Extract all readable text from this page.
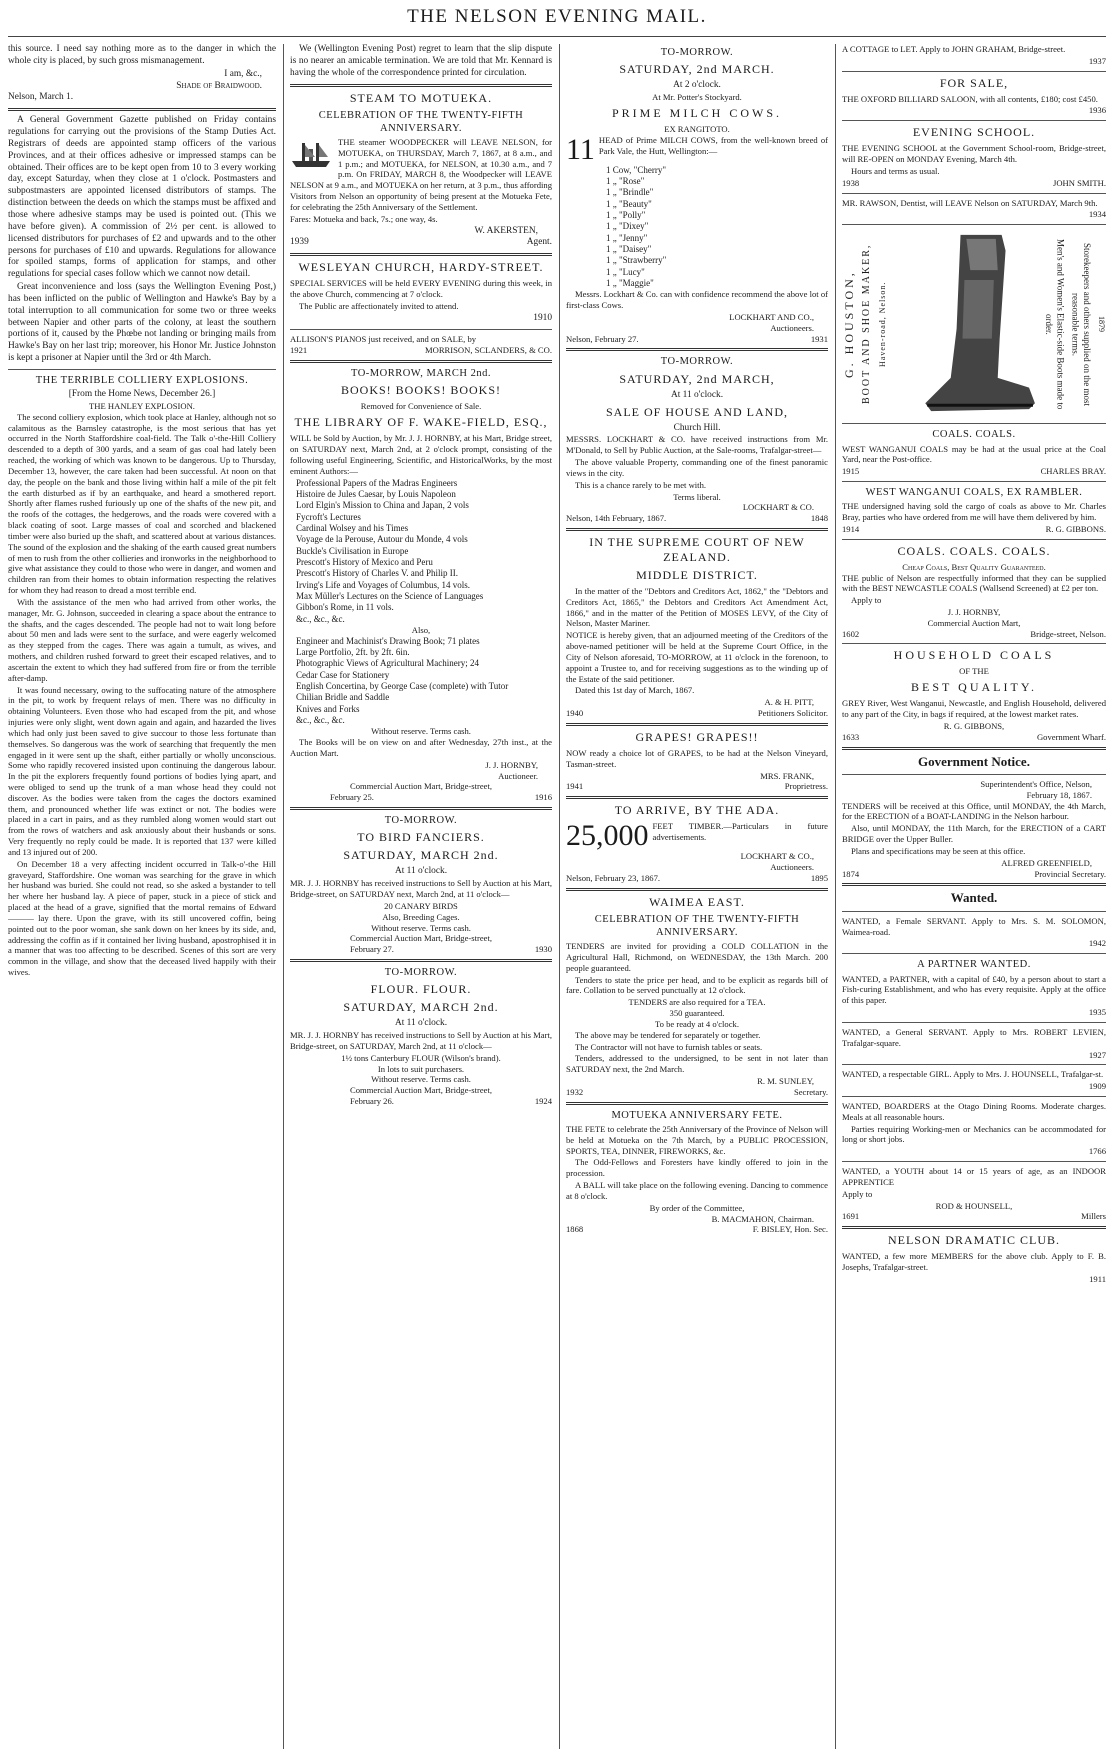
THE NELSON EVENING MAIL.

this source. I need say nothing more as to the danger in which the whole city is placed, by such gross mismanagement.

I am, &c.,
Shade of Braidwood.

Nelson, March 1.

A General Government Gazette published on Friday contains regulations for carrying out the provisions of the Stamp Duties Act. Registrars of deeds are appointed stamp officers of the various Provinces, and at their offices adhesive or impressed stamps can be obtained. Their offices are to be kept open from 10 to 3 every working day, except Saturday, when they close at 1 o'clock. Postmasters and subpostmasters are appointed licensed distributors of stamps. The distinction between the deeds on which the stamps must be affixed and those where adhesive stamps may be used is pointed out. (This we have before given). A commission of 2½ per cent. is allowed to licensed distributors for purchases of £2 and upwards and to the other persons for purchases of £10 and upwards. Regulations for allowance for spoiled stamps, forms of application for stamps, and other regulations for special cases follow which we cannot now detail.

Great inconvenience and loss (says the Wellington Evening Post,) has been inflicted on the public of Wellington and Hawke's Bay by a total interruption to all communication for some two or three weeks between Napier and other parts of the colony, at least the southern portions of it, caused by the Phœbe not landing or bringing mails from Hawke's Bay on her last trip; moreover, his Honor Mr. Justice Johnston is kept a prisoner at Napier until the 3rd or 4th March.

THE TERRIBLE COLLIERY EXPLOSIONS.
[From the Home News, December 26.]
THE HANLEY EXPLOSION.

The second colliery explosion, which took place at Hanley, although not so calamitous as the Barnsley catastrophe, is the most serious that has yet occurred in the North Staffordshire coal-field. The Talk o'-the-Hill Colliery descended to a depth of 300 yards, and a seam of gas coal had lately been reached, the working of which was known to be dangerous. Up to Thursday, December 13, however, the care taken had been successful. At noon on that day, the people on the bank and those living within half a mile of the pit felt the earth disturbed as if by an earthquake, and heard a smothered report. Shortly after flames rushed furiously up one of the shafts of the new pit, and the roofs of the cottages, the hedgerows, and the roads were covered with a black coating of soot. Large masses of coal and scorched and blackened timber were also buried up the shaft, and scattered about at various distances. The sound of the explosion and the shaking of the earth caused great numbers of men to rush from the other collieries and ironworks in the neighborhood to give what assistance they could to those who were in danger, and women and children ran from their homes to obtain information respecting the relatives for whom they had reason to dread a most terrible end.

With the assistance of the men who had arrived from other works, the manager, Mr. G. Johnson, succeeded in clearing a space about the entrance to the shafts, and the cages descended. The people had not to wait long before about 50 men and lads were sent to the surface, and were eagerly welcomed as they stepped from the cages. There was again a tumult, as wives, and mothers, and children rushed forward to greet their escaped relatives, and to ascertain the extent to which they had suffered from fire or from the terrible after-damp.

It was found necessary, owing to the suffocating nature of the atmosphere in the pit, to work by frequent relays of men. There was no difficulty in obtaining Volunteers. Even those who had escaped from the pit, and whose injuries were only slight, went down again and again, and hazarded the lives which had only just been saved to give succour to those less fortunate than themselves. So dangerous was the work of searching that frequently the men engaged in it were sent up the shaft, either partially or wholly unconscious. Some who rapidly recovered insisted upon continuing the dangerous labour. In the pit the explorers frequently found portions of bodies lying apart, and were obliged to send up the trunk of a man whose head they could not discover. As the bodies were taken from the cages the doctors examined them, and pronounced whether life was extinct or not. The bodies were placed in a cart in pairs, and as they rumbled along women would start out from the rows of watchers and ask anxiously about their husbands or sons. Very frequently no reply could be made. It is reported that 137 were killed and 13 injured out of 200.

On December 18 a very affecting incident occurred in Talk-o'-the Hill graveyard, Staffordshire. One woman was searching for the grave in which her husband was buried. She could not read, so she asked a bystander to tell her where her husband lay. A piece of paper, stuck in a piece of stick and placed at the head of a grave, signified that the mortal remains of Edward ——— lay there. Upon the grave, with its still uncovered coffin, being pointed out to the poor woman, she sank down on her knees by its side, and, addressing the coffin as if it contained her living husband, apostrophised it in a manner that was too affecting to be described. Scenes of this sort are very common in the village, and show that the deceased lived happily with their wives.

We (Wellington Evening Post) regret to learn that the slip dispute is no nearer an amicable termination. We are told that Mr. Kennard is having the whole of the correspondence printed for circulation.

STEAM TO MOTUEKA.
CELEBRATION OF THE TWENTY-FIFTH ANNIVERSARY.

THE steamer WOODPECKER will LEAVE NELSON, for MOTUEKA, on THURSDAY, March 7, 1867, at 8 a.m., and 1 p.m.; and MOTUEKA, for NELSON, at 10.30 a.m., and 7 p.m. On FRIDAY, MARCH 8, the Woodpecker will LEAVE NELSON at 9 a.m., and MOTUEKA on her return, at 3 p.m., thus affording Visitors from Nelson an opportunity of being present at the Motueka Fete, for celebrating the 25th Anniversary of the Settlement.

Fares: Motueka and back, 7s.; one way, 4s.

W. AKERSTEN,
1939	Agent.
WESLEYAN CHURCH, HARDY-STREET.

SPECIAL SERVICES will be held EVERY EVENING during this week, in the above Church, commencing at 7 o'clock.

The Public are affectionately invited to attend.

1910

ALLISON'S PIANOS just received, and on SALE, by

1921	MORRISON, SCLANDERS, & CO.
TO-MORROW, MARCH 2nd.
BOOKS! BOOKS! BOOKS!
Removed for Convenience of Sale.
THE LIBRARY OF F. WAKE-FIELD, ESQ.,

WILL be Sold by Auction, by Mr. J. J. HORNBY, at his Mart, Bridge street, on SATURDAY next, March 2nd, at 2 o'clock prompt, consisting of the following useful Engineering, Scientific, and HistoricalWorks, by the most eminent Authors:—

Professional Papers of the Madras Engineers
Histoire de Jules Caesar, by Louis Napoleon
Lord Elgin's Mission to China and Japan, 2 vols
Fycroft's Lectures
Cardinal Wolsey and his Times
Voyage de la Perouse, Autour du Monde, 4 vols
Buckle's Civilisation in Europe
Prescott's History of Mexico and Peru
Prescott's History of Charles V. and Philip II.
Irving's Life and Voyages of Columbus, 14 vols.
Max Müller's Lectures on the Science of Languages
Gibbon's Rome, in 11 vols.
&c., &c., &c.
Also,
Engineer and Machinist's Drawing Book; 71 plates
Large Portfolio, 2ft. by 2ft. 6in.
Photographic Views of Agricultural Machinery; 24
Cedar Case for Stationery
English Concertina, by George Case (complete) with Tutor
Chilian Bridle and Saddle
Knives and Forks
&c., &c., &c.
Without reserve. Terms cash.

The Books will be on view on and after Wednesday, 27th inst., at the Auction Mart.

J. J. HORNBY,
Auctioneer.
Commercial Auction Mart, Bridge-street,
February 25.	1916
TO-MORROW.
TO BIRD FANCIERS.
SATURDAY, MARCH 2nd.
At 11 o'clock.

MR. J. J. HORNBY has received instructions to Sell by Auction at his Mart, Bridge-street, on SATURDAY next, March 2nd, at 11 o'clock—

20 CANARY BIRDS
Also, Breeding Cages.
Without reserve. Terms cash.
Commercial Auction Mart, Bridge-street,
February 27.	1930
TO-MORROW.
FLOUR. FLOUR.
SATURDAY, MARCH 2nd.
At 11 o'clock.

MR. J. J. HORNBY has received instructions to Sell by Auction at his Mart, Bridge-street, on SATURDAY, March 2nd, at 11 o'clock—

1½ tons Canterbury FLOUR (Wilson's brand).
In lots to suit purchasers.
Without reserve. Terms cash.
Commercial Auction Mart, Bridge-street,
February 26.	1924
TO-MORROW.
SATURDAY, 2nd MARCH.
At 2 o'clock.
At Mr. Potter's Stockyard.
PRIME MILCH COWS.
EX RANGITOTO.
11 HEAD of Prime MILCH COWS, from the well-known breed of Park Vale, the Hutt, Wellington:—

1 Cow, "Cherry"
1 „ "Rose"
1 „ "Brindle"
1 „ "Beauty"
1 „ "Polly"
1 „ "Dixey"
1 „ "Jenny"
1 „ "Daisey"
1 „ "Strawberry"
1 „ "Lucy"
1 „ "Maggie"

Messrs. Lockhart & Co. can with confidence recommend the above lot of first-class Cows.

LOCKHART AND CO.,
Auctioneers.
Nelson, February 27.	1931
TO-MORROW.
SATURDAY, 2nd MARCH,
At 11 o'clock.
SALE OF HOUSE AND LAND,
Church Hill.

MESSRS. LOCKHART & CO. have received instructions from Mr. M'Donald, to Sell by Public Auction, at the Sale-rooms, Trafalgar-street—

The above valuable Property, commanding one of the finest panoramic views in the city.

This is a chance rarely to be met with.

Terms liberal.
LOCKHART & CO.
Nelson, 14th February, 1867.	1848
IN THE SUPREME COURT OF NEW ZEALAND.
MIDDLE DISTRICT.

In the matter of the "Debtors and Creditors Act, 1862," the "Debtors and Creditors Act, 1865," the Debtors and Creditors Act Amendment Act, 1866," and in the matter of the Petition of MOSES LEVY, of the City of Nelson, Master Mariner.

NOTICE is hereby given, that an adjourned meeting of the Creditors of the above-named petitioner will be held at the Supreme Court Office, in the City of Nelson aforesaid, TO-MORROW, at 11 o'clock in the forenoon, to appoint a Trustee to, and for receiving suggestions as to the winding up of the Estate of the said petitioner.

Dated this 1st day of March, 1867.

A. & H. PITT,
1940	Petitioners Solicitor.
GRAPES! GRAPES!!

NOW ready a choice lot of GRAPES, to be had at the Nelson Vineyard, Tasman-street.

MRS. FRANK,
1941	Proprietress.
TO ARRIVE, BY THE ADA.
25,000 FEET TIMBER.—Particulars in future advertisements.

LOCKHART & CO.,
Auctioneers.
Nelson, February 23, 1867.	1895
WAIMEA EAST.
CELEBRATION OF THE TWENTY-FIFTH ANNIVERSARY.

TENDERS are invited for providing a COLD COLLATION in the Agricultural Hall, Richmond, on WEDNESDAY, the 13th March. 200 people guaranteed.

Tenders to state the price per head, and to be explicit as regards bill of fare. Collation to be served punctually at 12 o'clock.

TENDERS are also required for a TEA.
350 guaranteed.
To be ready at 4 o'clock.

The above may be tendered for separately or together.

The Contractor will not have to furnish tables or seats.

Tenders, addressed to the undersigned, to be sent in not later than SATURDAY next, the 2nd March.

R. M. SUNLEY,
1932	Secretary.
MOTUEKA ANNIVERSARY FETE.

THE FETE to celebrate the 25th Anniversary of the Province of Nelson will be held at Motueka on the 7th March, by a PUBLIC PROCESSION, SPORTS, TEA, DINNER, FIREWORKS, &c.

The Odd-Fellows and Foresters have kindly offered to join in the procession.

A BALL will take place on the following evening. Dancing to commence at 8 o'clock.

By order of the Committee,
B. MACMAHON, Chairman.
1868	F. BISLEY, Hon. Sec.

A COTTAGE to LET. Apply to JOHN GRAHAM, Bridge-street.

1937
FOR SALE,

THE OXFORD BILLIARD SALOON, with all contents, £180; cost £450.

1936
EVENING SCHOOL.

THE EVENING SCHOOL at the Government School-room, Bridge-street, will RE-OPEN on MONDAY Evening, March 4th.

Hours and terms as usual.

1938	JOHN SMITH.

MR. RAWSON, Dentist, will LEAVE Nelson on SATURDAY, March 9th.

1934
G. HOUSTON, BOOT AND SHOE MAKER, Haven-road, Nelson.	Men's and Women's Elastic-side Boots made to order.	Storekeepers and others supplied on the most reasonable terms.	1879
COALS. COALS.

WEST WANGANUI COALS may be had at the usual price at the Coal Yard, near the Post-office.

1915	CHARLES BRAY.
WEST WANGANUI COALS, EX RAMBLER.

THE undersigned having sold the cargo of coals as above to Mr. Charles Bray, parties who have ordered from me will have them delivered by him.

1914	R. G. GIBBONS.
COALS. COALS. COALS.
Cheap Coals, Best Quality Guaranteed.

THE public of Nelson are respectfully informed that they can be supplied with the BEST NEWCASTLE COALS (Wallsend Screened) at £2 per ton.

Apply to

J. J. HORNBY,
Commercial Auction Mart,
1602	Bridge-street, Nelson.
HOUSEHOLD COALS
OF THE
BEST QUALITY.

GREY River, West Wanganui, Newcastle, and English Household, delivered to any part of the City, in bags if required, at the lowest market rates.

R. G. GIBBONS,
1633	Government Wharf.
Government Notice.
Superintendent's Office, Nelson,
February 18, 1867.

TENDERS will be received at this Office, until MONDAY, the 4th March, for the ERECTION of a BOAT-LANDING in the Nelson harbour.

Also, until MONDAY, the 11th March, for the ERECTION of a CART BRIDGE over the Upper Buller.

Plans and specifications may be seen at this office.

ALFRED GREENFIELD,
1874	Provincial Secretary.
Wanted.

WANTED, a Female SERVANT. Apply to Mrs. S. M. SOLOMON, Waimea-road.

1942
A PARTNER WANTED.

WANTED, a PARTNER, with a capital of £40, by a person about to start a Fish-curing Establishment, and who has every requisite. Apply at the office of this paper.

1935

WANTED, a General SERVANT. Apply to Mrs. ROBERT LEVIEN, Trafalgar-square.

1927

WANTED, a respectable GIRL. Apply to Mrs. J. HOUNSELL, Trafalgar-st.

1909

WANTED, BOARDERS at the Otago Dining Rooms. Moderate charges. Meals at all reasonable hours.

Parties requiring Working-men or Mechanics can be accommodated for long or short jobs.

1766

WANTED, a YOUTH about 14 or 15 years of age, as an INDOOR APPRENTICE

Apply to

ROD & HOUNSELL,
1691	Millers
NELSON DRAMATIC CLUB.

WANTED, a few more MEMBERS for the above club. Apply to F. B. Josephs, Trafalgar-street.

1911
